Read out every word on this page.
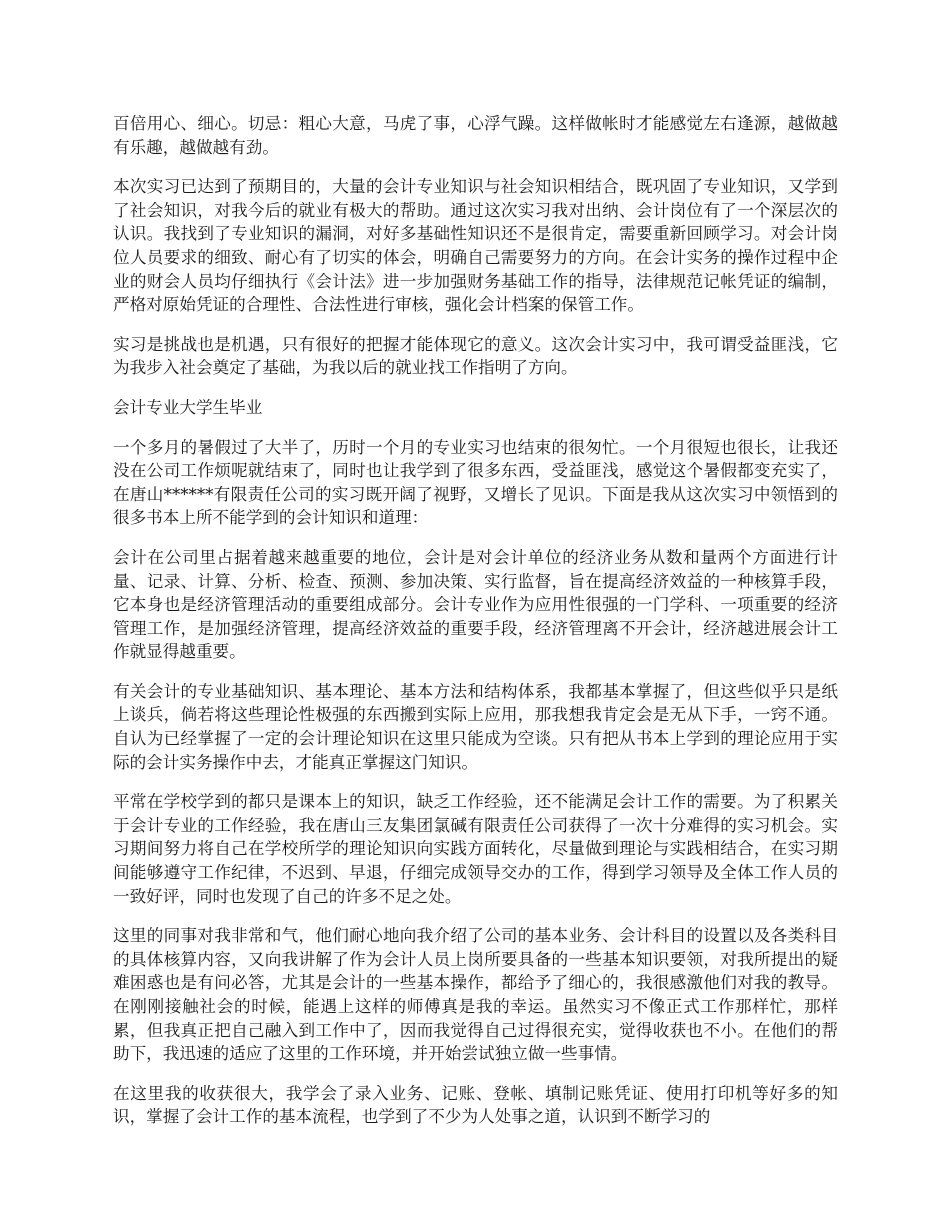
百倍用心、细心。切忌：粗心大意，马虎了事，心浮气躁。这样做帐时才能感觉左右逢源，越做越有乐趣，越做越有劲。

本次实习已达到了预期目的，大量的会计专业知识与社会知识相结合，既巩固了专业知识，又学到了社会知识，对我今后的就业有极大的帮助。通过这次实习我对出纳、会计岗位有了一个深层次的认识。我找到了专业知识的漏洞，对好多基础性知识还不是很肯定，需要重新回顾学习。对会计岗位人员要求的细致、耐心有了切实的体会，明确自己需要努力的方向。在会计实务的操作过程中企业的财会人员均仔细执行《会计法》进一步加强财务基础工作的指导，法律规范记帐凭证的编制，严格对原始凭证的合理性、合法性进行审核，强化会计档案的保管工作。

实习是挑战也是机遇，只有很好的把握才能体现它的意义。这次会计实习中，我可谓受益匪浅，它为我步入社会奠定了基础，为我以后的就业找工作指明了方向。

会计专业大学生毕业

一个多月的暑假过了大半了，历时一个月的专业实习也结束的很匆忙。一个月很短也很长，让我还没在公司工作烦呢就结束了，同时也让我学到了很多东西，受益匪浅，感觉这个暑假都变充实了，在唐山******有限责任公司的实习既开阔了视野，又增长了见识。下面是我从这次实习中领悟到的很多书本上所不能学到的会计知识和道理：

会计在公司里占据着越来越重要的地位，会计是对会计单位的经济业务从数和量两个方面进行计量、记录、计算、分析、检查、预测、参加决策、实行监督，旨在提高经济效益的一种核算手段，它本身也是经济管理活动的重要组成部分。会计专业作为应用性很强的一门学科、一项重要的经济管理工作，是加强经济管理，提高经济效益的重要手段，经济管理离不开会计，经济越进展会计工作就显得越重要。

有关会计的专业基础知识、基本理论、基本方法和结构体系，我都基本掌握了，但这些似乎只是纸上谈兵，倘若将这些理论性极强的东西搬到实际上应用，那我想我肯定会是无从下手，一窍不通。自认为已经掌握了一定的会计理论知识在这里只能成为空谈。只有把从书本上学到的理论应用于实际的会计实务操作中去，才能真正掌握这门知识。

平常在学校学到的都只是课本上的知识，缺乏工作经验，还不能满足会计工作的需要。为了积累关于会计专业的工作经验，我在唐山三友集团氯碱有限责任公司获得了一次十分难得的实习机会。实习期间努力将自己在学校所学的理论知识向实践方面转化，尽量做到理论与实践相结合，在实习期间能够遵守工作纪律，不迟到、早退，仔细完成领导交办的工作，得到学习领导及全体工作人员的一致好评，同时也发现了自己的许多不足之处。

这里的同事对我非常和气，他们耐心地向我介绍了公司的基本业务、会计科目的设置以及各类科目的具体核算内容，又向我讲解了作为会计人员上岗所要具备的一些基本知识要领，对我所提出的疑难困惑也是有问必答，尤其是会计的一些基本操作，都给予了细心的，我很感激他们对我的教导。在刚刚接触社会的时候，能遇上这样的师傅真是我的幸运。虽然实习不像正式工作那样忙，那样累，但我真正把自己融入到工作中了，因而我觉得自己过得很充实，觉得收获也不小。在他们的帮助下，我迅速的适应了这里的工作环境，并开始尝试独立做一些事情。

在这里我的收获很大，我学会了录入业务、记账、登帐、填制记账凭证、使用打印机等好多的知识，掌握了会计工作的基本流程，也学到了不少为人处事之道，认识到不断学习的
